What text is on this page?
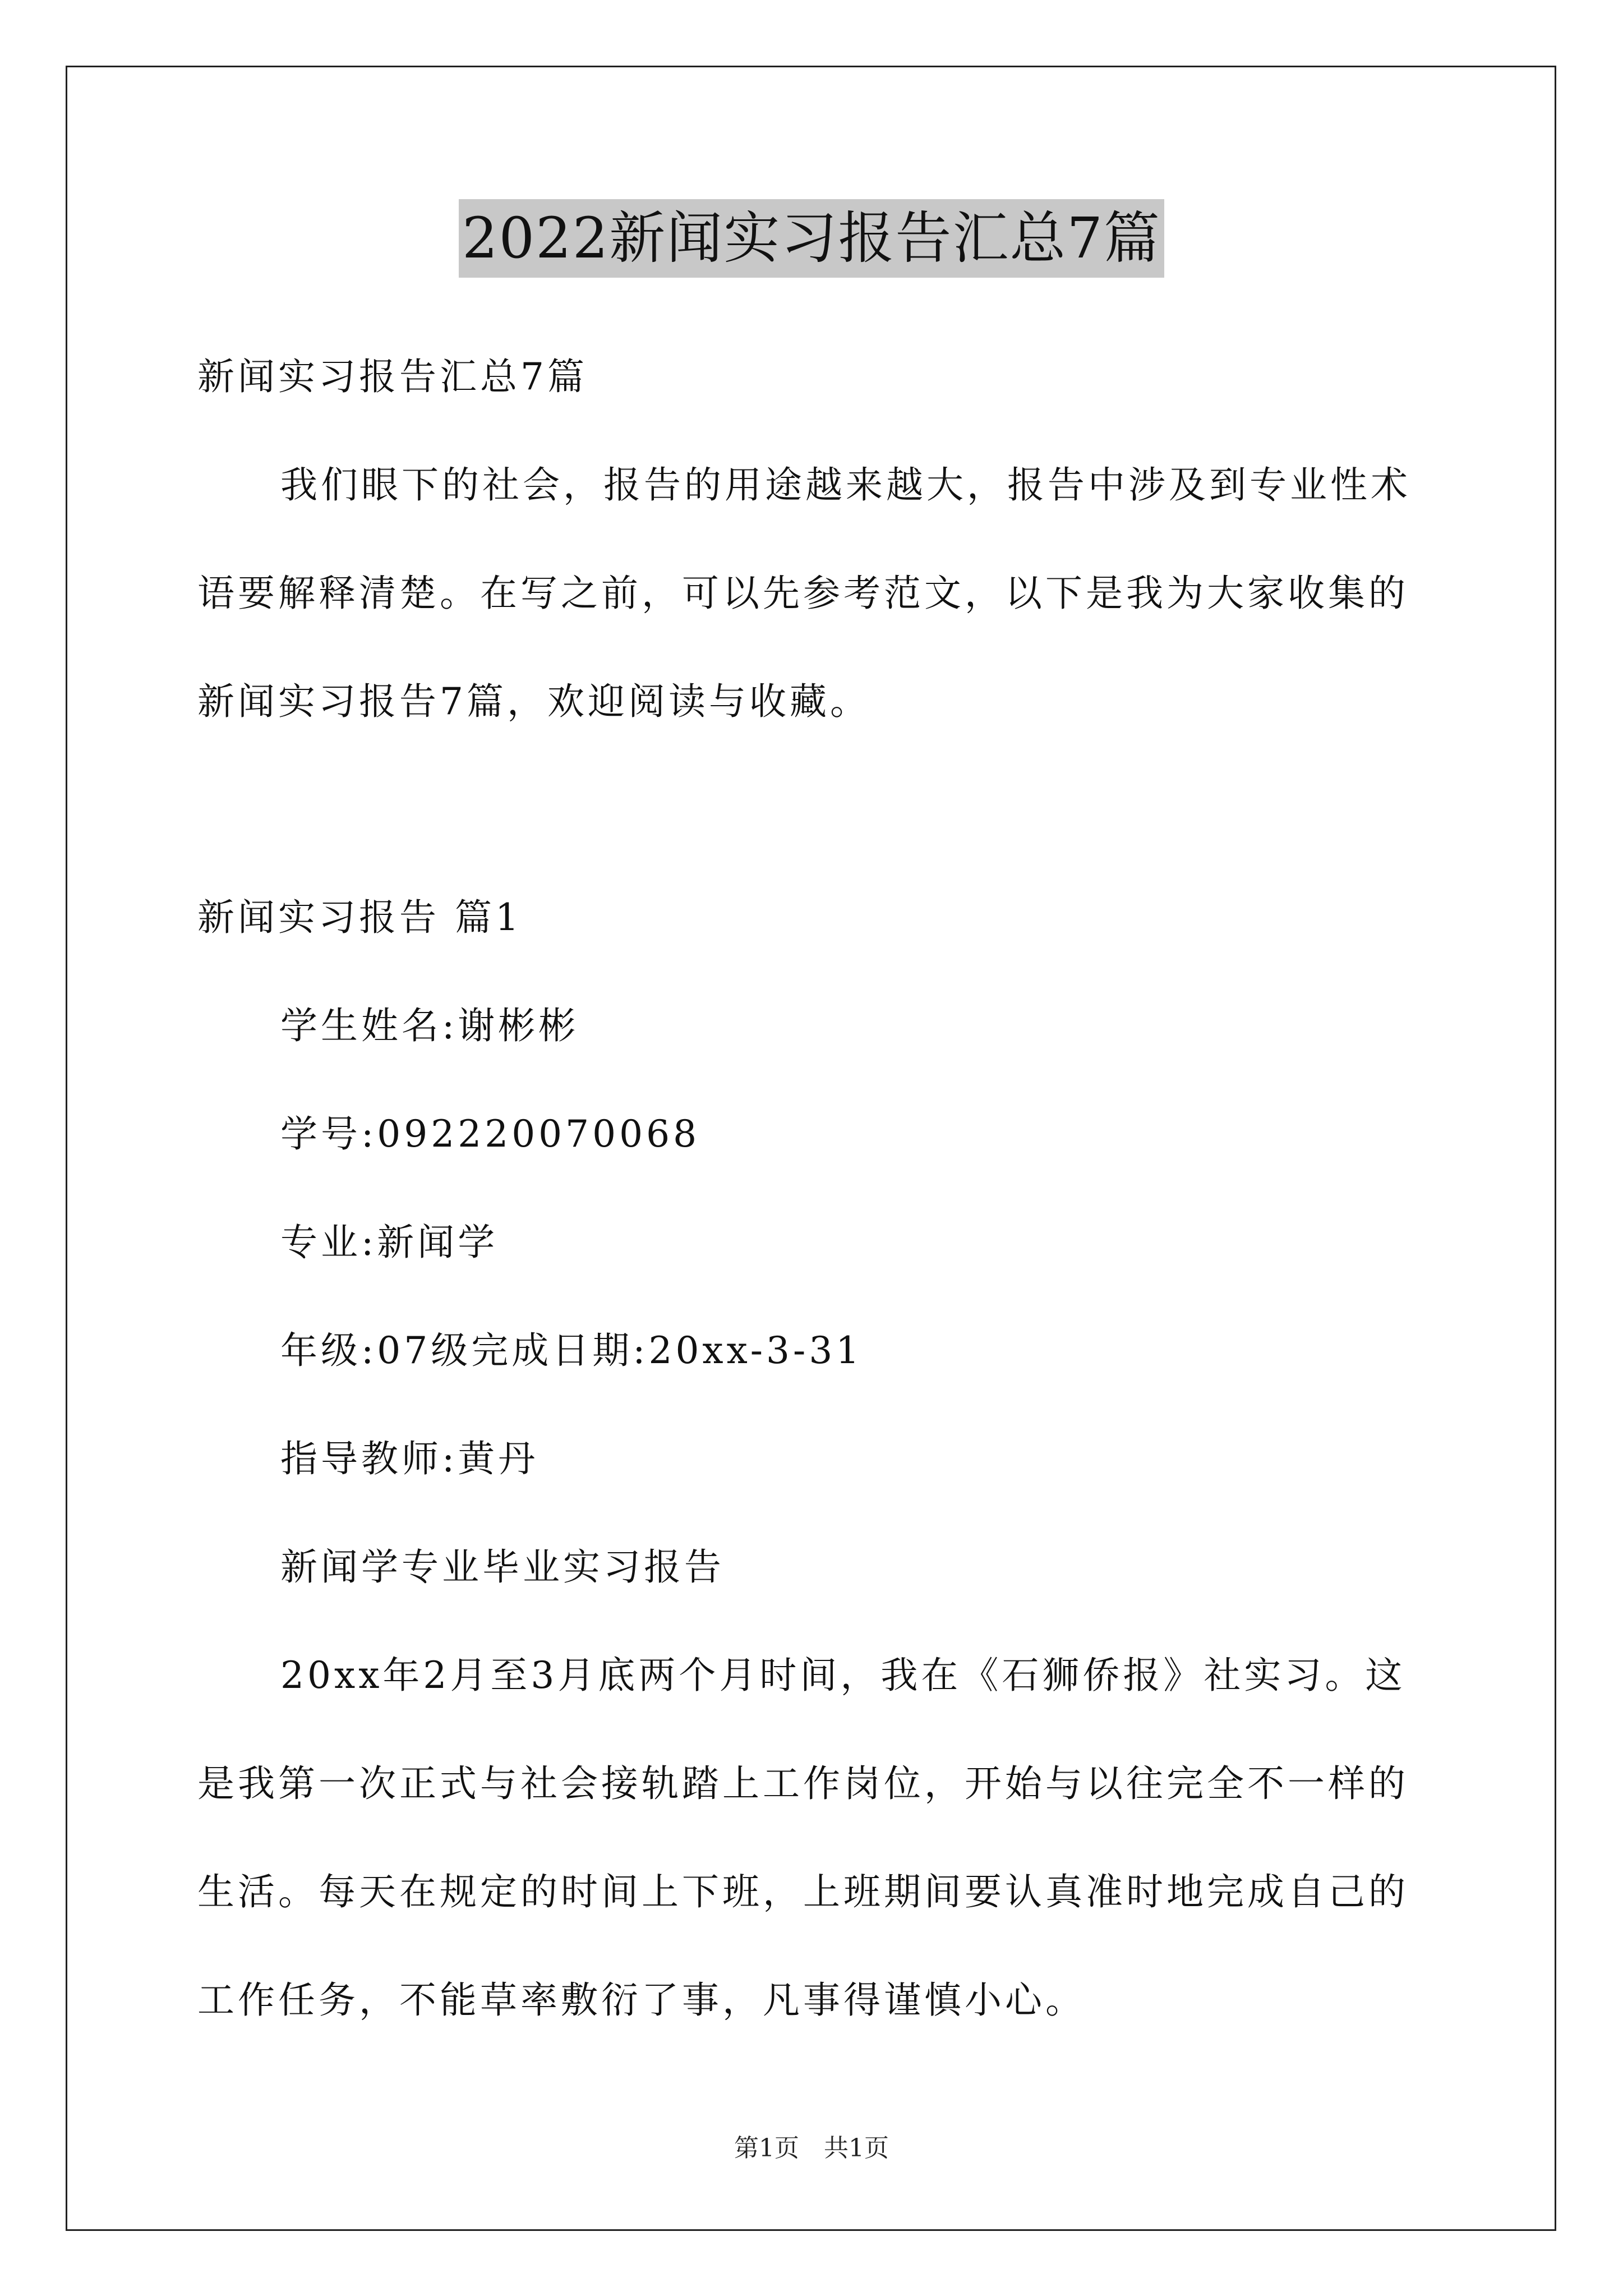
2022新闻实习报告汇总7篇
新闻实习报告汇总7篇
我们眼下的社会，报告的用途越来越大，报告中涉及到专业性术
语要解释清楚。在写之前，可以先参考范文，以下是我为大家收集的
新闻实习报告7篇，欢迎阅读与收藏。
新闻实习报告 篇1
学生姓名:谢彬彬
学号:092220070068
专业:新闻学
年级:07级完成日期:20xx-3-31
指导教师:黄丹
新闻学专业毕业实习报告
20xx年2月至3月底两个月时间，我在《石狮侨报》社实习。这
是我第一次正式与社会接轨踏上工作岗位，开始与以往完全不一样的
生活。每天在规定的时间上下班，上班期间要认真准时地完成自己的
工作任务，不能草率敷衍了事，凡事得谨慎小心。
第1页 共1页
